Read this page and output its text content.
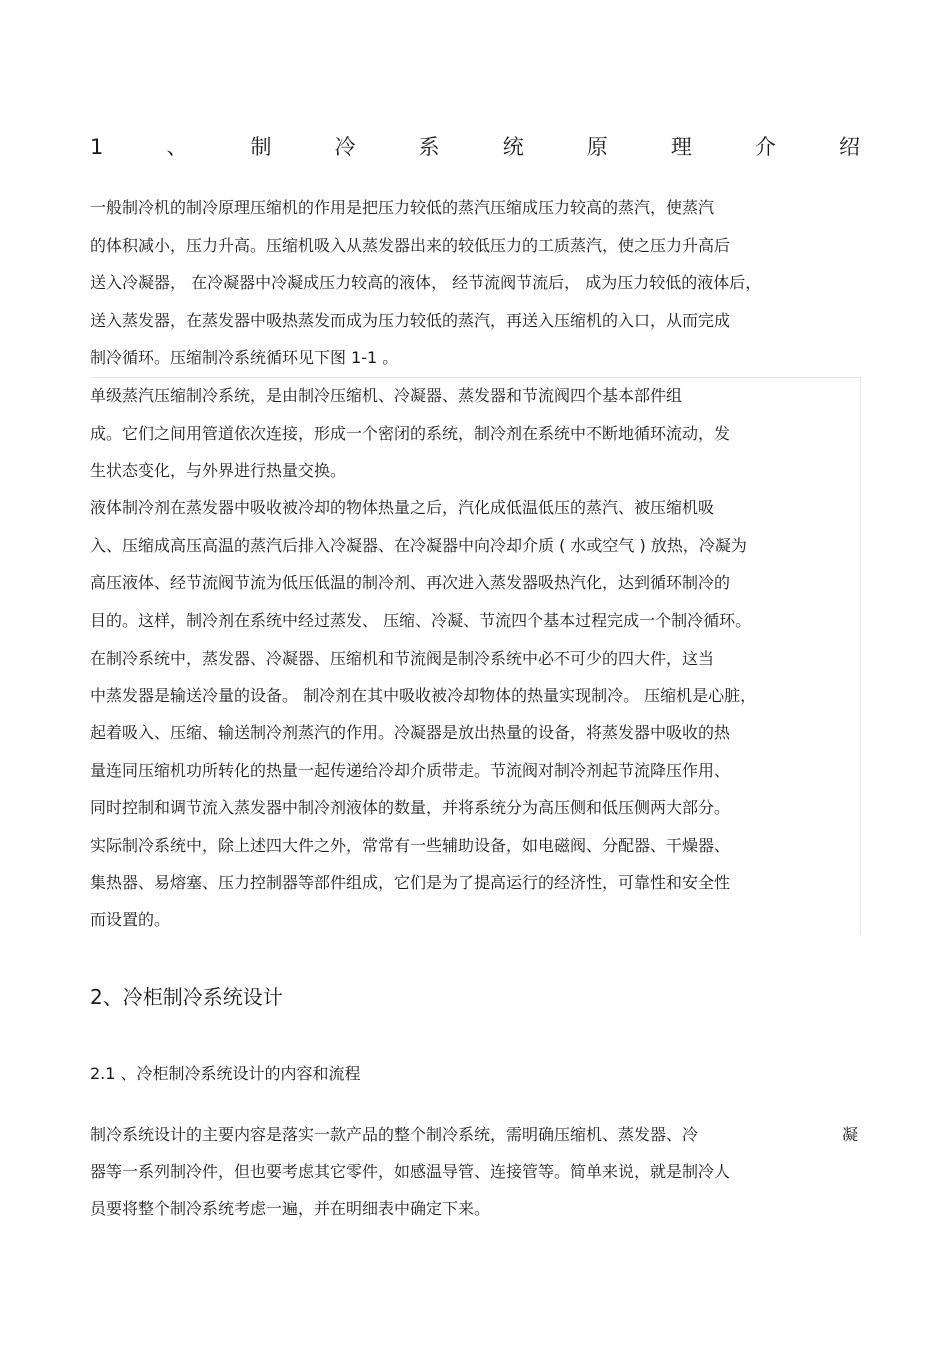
1	、	制	冷	系	统	原	理	介	绍
一般制冷机的制冷原理压缩机的作用是把压力较低的蒸汽压缩成压力较高的蒸汽，使蒸汽
的体积减小，压力升高。压缩机吸入从蒸发器出来的较低压力的工质蒸汽，使之压力升高后
送入冷凝器， 在冷凝器中冷凝成压力较高的液体， 经节流阀节流后， 成为压力较低的液体后，
送入蒸发器，在蒸发器中吸热蒸发而成为压力较低的蒸汽，再送入压缩机的入口，从而完成
制冷循环。压缩制冷系统循环见下图 1-1 。
单级蒸汽压缩制冷系统，是由制冷压缩机、冷凝器、蒸发器和节流阀四个基本部件组
成。它们之间用管道依次连接，形成一个密闭的系统，制冷剂在系统中不断地循环流动，发
生状态变化，与外界进行热量交换。
液体制冷剂在蒸发器中吸收被冷却的物体热量之后，汽化成低温低压的蒸汽、被压缩机吸
入、压缩成高压高温的蒸汽后排入冷凝器、在冷凝器中向冷却介质 ( 水或空气 ) 放热，冷凝为
高压液体、经节流阀节流为低压低温的制冷剂、再次进入蒸发器吸热汽化，达到循环制冷的
目的。这样，制冷剂在系统中经过蒸发、 压缩、冷凝、节流四个基本过程完成一个制冷循环。
在制冷系统中，蒸发器、冷凝器、压缩机和节流阀是制冷系统中必不可少的四大件，这当
中蒸发器是输送冷量的设备。 制冷剂在其中吸收被冷却物体的热量实现制冷。 压缩机是心脏，
起着吸入、压缩、输送制冷剂蒸汽的作用。冷凝器是放出热量的设备，将蒸发器中吸收的热
量连同压缩机功所转化的热量一起传递给冷却介质带走。节流阀对制冷剂起节流降压作用、
同时控制和调节流入蒸发器中制冷剂液体的数量，并将系统分为高压侧和低压侧两大部分。
实际制冷系统中，除上述四大件之外，常常有一些辅助设备，如电磁阀、分配器、干燥器、
集热器、易熔塞、压力控制器等部件组成，它们是为了提高运行的经济性，可靠性和安全性
而设置的。
2、冷柜制冷系统设计
2.1 、冷柜制冷系统设计的内容和流程
制冷系统设计的主要内容是落实一款产品的整个制冷系统，需明确压缩机、蒸发器、冷	凝
器等一系列制冷件，但也要考虑其它零件，如感温导管、连接管等。简单来说，就是制冷人
员要将整个制冷系统考虑一遍，并在明细表中确定下来。
